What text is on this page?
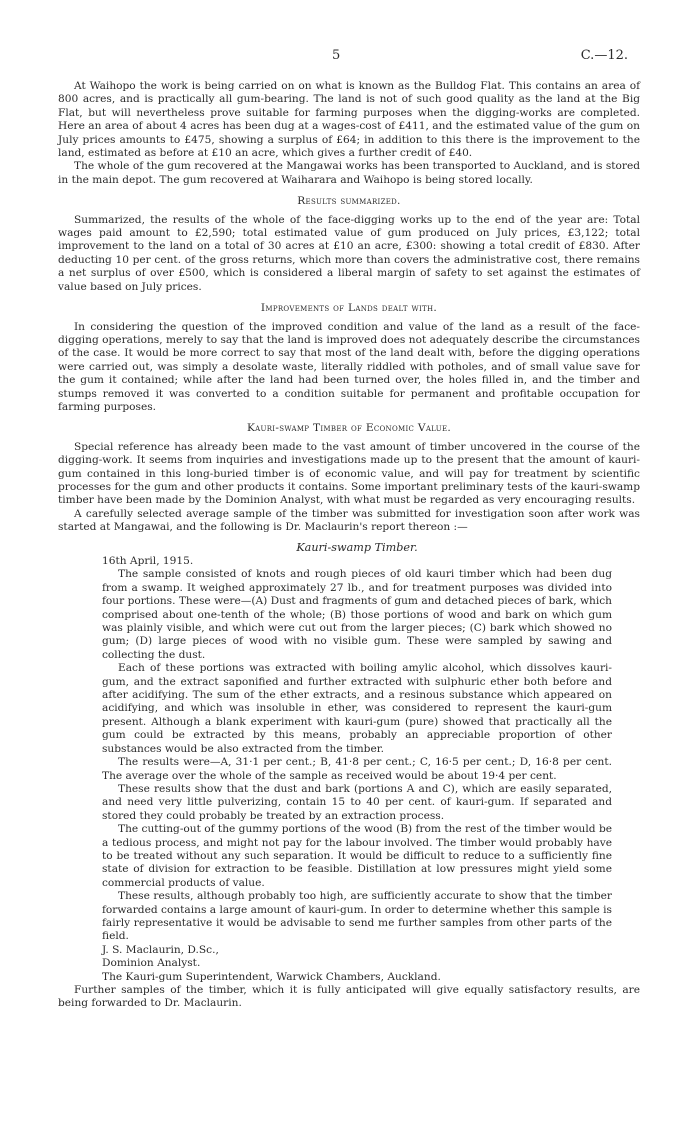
5	C.—12.

At Waihopo the work is being carried on on what is known as the Bulldog Flat. This contains an area of 800 acres, and is practically all gum-bearing. The land is not of such good quality as the land at the Big Flat, but will nevertheless prove suitable for farming purposes when the digging-works are completed. Here an area of about 4 acres has been dug at a wages-cost of £411, and the estimated value of the gum on July prices amounts to £475, showing a surplus of £64; in addition to this there is the improvement to the land, estimated as before at £10 an acre, which gives a further credit of £40.

The whole of the gum recovered at the Mangawai works has been transported to Auckland, and is stored in the main depot. The gum recovered at Waiharara and Waihopo is being stored locally.

Results summarized.

Summarized, the results of the whole of the face-digging works up to the end of the year are: Total wages paid amount to £2,590; total estimated value of gum produced on July prices, £3,122; total improvement to the land on a total of 30 acres at £10 an acre, £300: showing a total credit of £830. After deducting 10 per cent. of the gross returns, which more than covers the administrative cost, there remains a net surplus of over £500, which is considered a liberal margin of safety to set against the estimates of value based on July prices.

Improvements of Lands dealt with.

In considering the question of the improved condition and value of the land as a result of the face-digging operations, merely to say that the land is improved does not adequately describe the circumstances of the case. It would be more correct to say that most of the land dealt with, before the digging operations were carried out, was simply a desolate waste, literally riddled with potholes, and of small value save for the gum it contained; while after the land had been turned over, the holes filled in, and the timber and stumps removed it was converted to a condition suitable for permanent and profitable occupation for farming purposes.

Kauri-swamp Timber of Economic Value.

Special reference has already been made to the vast amount of timber uncovered in the course of the digging-work. It seems from inquiries and investigations made up to the present that the amount of kauri-gum contained in this long-buried timber is of economic value, and will pay for treatment by scientific processes for the gum and other products it contains. Some important preliminary tests of the kauri-swamp timber have been made by the Dominion Analyst, with what must be regarded as very encouraging results.

A carefully selected average sample of the timber was submitted for investigation soon after work was started at Mangawai, and the following is Dr. Maclaurin's report thereon :—

Kauri-swamp Timber.

16th April, 1915.

The sample consisted of knots and rough pieces of old kauri timber which had been dug from a swamp. It weighed approximately 27 lb., and for treatment purposes was divided into four portions. These were—(A) Dust and fragments of gum and detached pieces of bark, which comprised about one-tenth of the whole; (B) those portions of wood and bark on which gum was plainly visible, and which were cut out from the larger pieces; (C) bark which showed no gum; (D) large pieces of wood with no visible gum. These were sampled by sawing and collecting the dust.

Each of these portions was extracted with boiling amylic alcohol, which dissolves kauri-gum, and the extract saponified and further extracted with sulphuric ether both before and after acidifying. The sum of the ether extracts, and a resinous substance which appeared on acidifying, and which was insoluble in ether, was considered to represent the kauri-gum present. Although a blank experiment with kauri-gum (pure) showed that practically all the gum could be extracted by this means, probably an appreciable proportion of other substances would be also extracted from the timber.

The results were—A, 31·1 per cent.; B, 41·8 per cent.; C, 16·5 per cent.; D, 16·8 per cent. The average over the whole of the sample as received would be about 19·4 per cent.

These results show that the dust and bark (portions A and C), which are easily separated, and need very little pulverizing, contain 15 to 40 per cent. of kauri-gum. If separated and stored they could probably be treated by an extraction process.

The cutting-out of the gummy portions of the wood (B) from the rest of the timber would be a tedious process, and might not pay for the labour involved. The timber would probably have to be treated without any such separation. It would be difficult to reduce to a sufficiently fine state of division for extraction to be feasible. Distillation at low pressures might yield some commercial products of value.

These results, although probably too high, are sufficiently accurate to show that the timber forwarded contains a large amount of kauri-gum. In order to determine whether this sample is fairly representative it would be advisable to send me further samples from other parts of the field.

J. S. Maclaurin, D.Sc.,

Dominion Analyst.

The Kauri-gum Superintendent, Warwick Chambers, Auckland.

Further samples of the timber, which it is fully anticipated will give equally satisfactory results, are being forwarded to Dr. Maclaurin.
